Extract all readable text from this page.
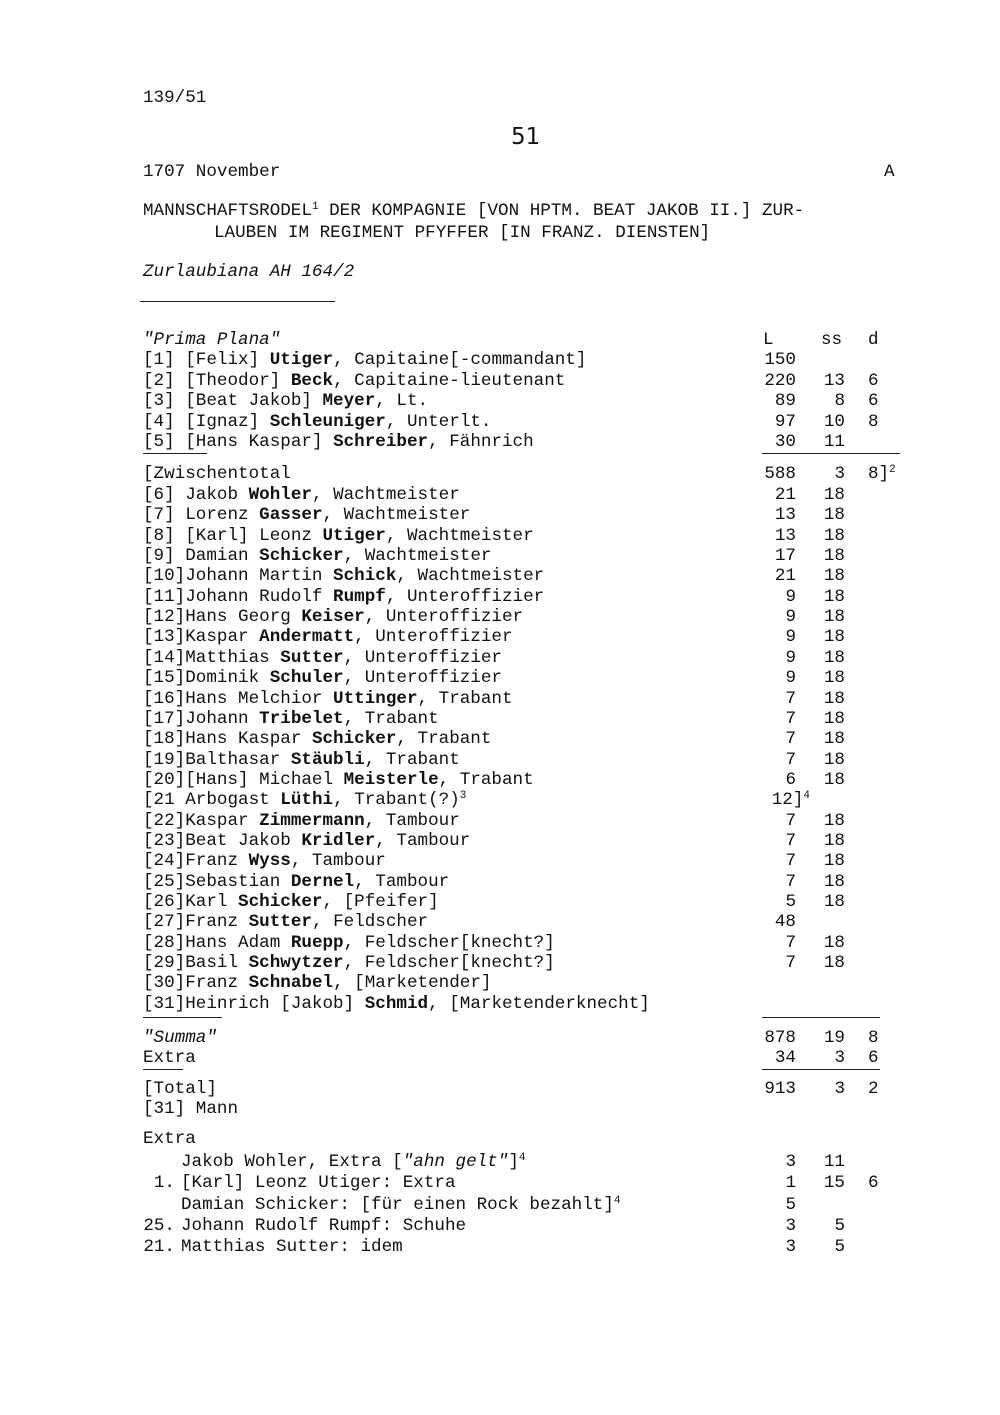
139/51
51
1707 November	A
MANNSCHAFTSRODEL$^1$ DER KOMPAGNIE [VON HPTM. BEAT JAKOB II.] ZUR-
LAUBEN IM REGIMENT PFYFFER [IN FRANZ. DIENSTEN]
Zurlaubiana AH 164/2
"Prima Plana"	L	ss d
[1] [Felix] Utiger, Capitaine[-commandant]	150
[2] [Theodor] Beck, Capitaine-lieutenant	220	13 6
[3] [Beat Jakob] Meyer, Lt.	89	8 6
[4] [Ignaz] Schleuniger, Unterlt.	97	10 8
[5] [Hans Kaspar] Schreiber, Fähnrich	30	11
[Zwischentotal	588	3 8]$^2$
[6] Jakob Wohler, Wachtmeister	21	18
[7] Lorenz Gasser, Wachtmeister	13	18
[8] [Karl] Leonz Utiger, Wachtmeister	13	18
[9] Damian Schicker, Wachtmeister	17	18
[10]Johann Martin Schick, Wachtmeister	21	18
[11]Johann Rudolf Rumpf, Unteroffizier	9	18
[12]Hans Georg Keiser, Unteroffizier	9	18
[13]Kaspar Andermatt, Unteroffizier	9	18
[14]Matthias Sutter, Unteroffizier	9	18
[15]Dominik Schuler, Unteroffizier	9	18
[16]Hans Melchior Uttinger, Trabant	7	18
[17]Johann Tribelet, Trabant	7	18
[18]Hans Kaspar Schicker, Trabant	7	18
[19]Balthasar Stäubli, Trabant	7	18
[20][Hans] Michael Meisterle, Trabant	6	18
[21 Arbogast Lüthi, Trabant(?)$^3$	12]$^4$
[22]Kaspar Zimmermann, Tambour	7	18
[23]Beat Jakob Kridler, Tambour	7	18
[24]Franz Wyss, Tambour	7	18
[25]Sebastian Dernel, Tambour	7	18
[26]Karl Schicker, [Pfeifer]	5	18
[27]Franz Sutter, Feldscher	48
[28]Hans Adam Ruepp, Feldscher[knecht?]	7	18
[29]Basil Schwytzer, Feldscher[knecht?]	7	18
[30]Franz Schnabel, [Marketender]
[31]Heinrich [Jakob] Schmid, [Marketenderknecht]
"Summa"	878	19 8
Extra	34	3 6
[Total]	913	3 2
[31] Mann
Extra
Jakob Wohler, Extra ["ahn gelt"]$^4$	3	11
1. [Karl] Leonz Utiger: Extra	1	15 6
Damian Schicker: [für einen Rock bezahlt]$^4$	5
25. Johann Rudolf Rumpf: Schuhe	3	5
21. Matthias Sutter: idem	3	5
